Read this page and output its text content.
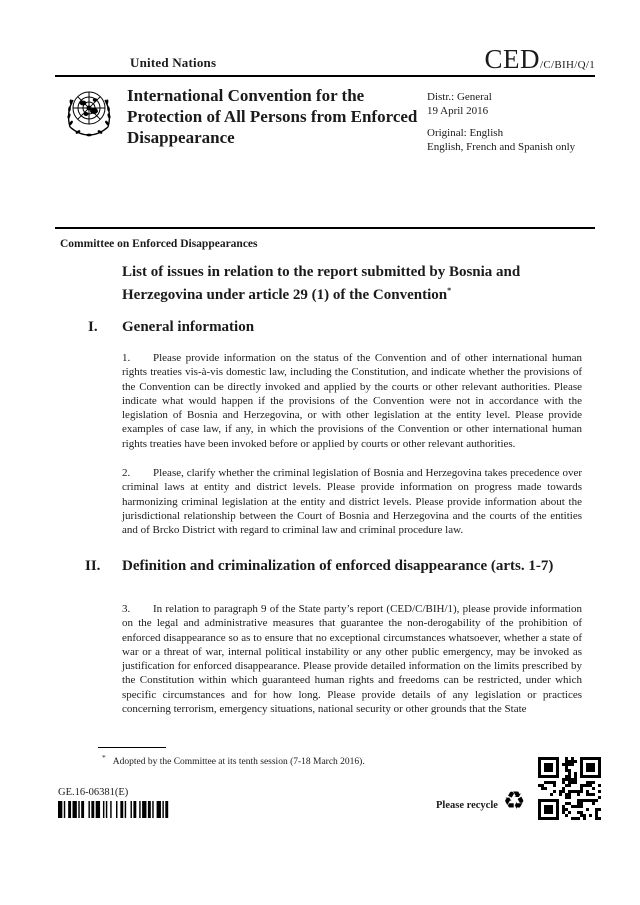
United Nations	CED/C/BIH/Q/1
International Convention for the Protection of All Persons from Enforced Disappearance
Distr.: General
19 April 2016
Original: English
English, French and Spanish only
Committee on Enforced Disappearances
List of issues in relation to the report submitted by Bosnia and Herzegovina under article 29 (1) of the Convention*
I. General information

1. Please provide information on the status of the Convention and of other international human rights treaties vis-à-vis domestic law, including the Constitution, and indicate whether the provisions of the Convention can be directly invoked and applied by the courts or other relevant authorities. Please indicate what would happen if the provisions of the Convention were not in accordance with the legislation of Bosnia and Herzegovina, or with other legislation at the entity level. Please provide examples of case law, if any, in which the provisions of the Convention or other international human rights treaties have been invoked before or applied by courts or other relevant authorities.

2. Please, clarify whether the criminal legislation of Bosnia and Herzegovina takes precedence over criminal laws at entity and district levels. Please provide information on progress made towards harmonizing criminal legislation at the entity and district levels. Please provide information about the jurisdictional relationship between the Court of Bosnia and Herzegovina and the courts of the entities and of Brcko District with regard to criminal law and criminal procedure law.

II. Definition and criminalization of enforced disappearance (arts. 1-7)

3. In relation to paragraph 9 of the State party’s report (CED/C/BIH/1), please provide information on the legal and administrative measures that guarantee the non-derogability of the prohibition of enforced disappearance so as to ensure that no exceptional circumstances whatsoever, whether a state of war or a threat of war, internal political instability or any other public emergency, may be invoked as justification for enforced disappearance. Please provide detailed information on the limits prescribed by the Constitution within which guaranteed human rights and freedoms can be restricted, under which specific circumstances and for how long. Please provide details of any legislation or practices concerning terrorism, emergency situations, national security or other grounds that the State

* Adopted by the Committee at its tenth session (7-18 March 2016).
GE.16-06381(E)
Please recycle ♻
